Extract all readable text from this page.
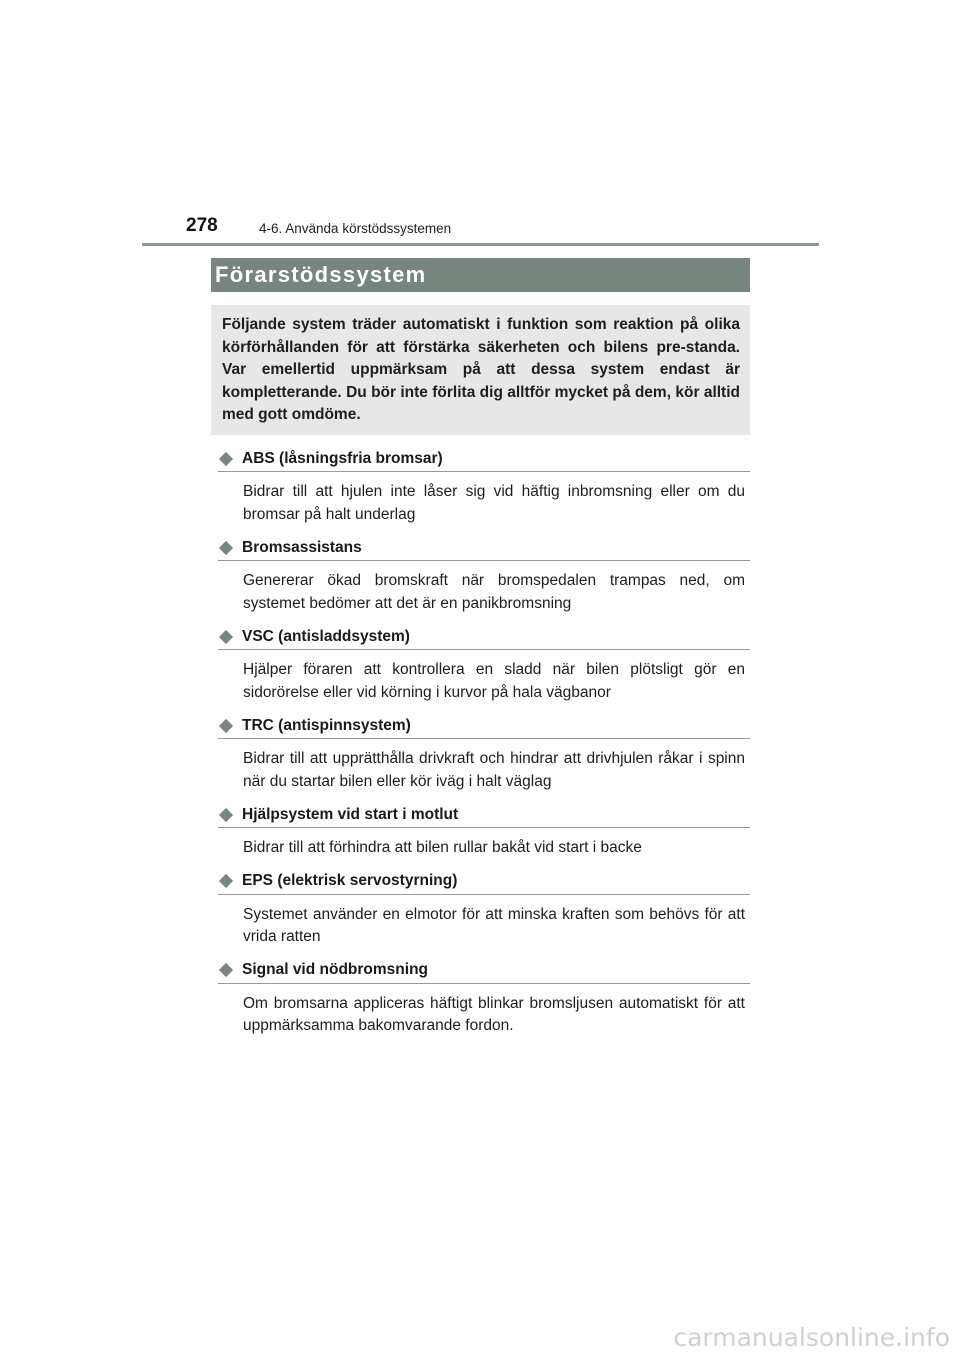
278	4-6. Använda körstödssystemen
Förarstödssystem

Följande system träder automatiskt i funktion som reaktion på olika körförhållanden för att förstärka säkerheten och bilens pre-standa. Var emellertid uppmärksam på att dessa system endast är kompletterande. Du bör inte förlita dig alltför mycket på dem, kör alltid med gott omdöme.

ABS (låsningsfria bromsar)

Bidrar till att hjulen inte låser sig vid häftig inbromsning eller om du bromsar på halt underlag

Bromsassistans

Genererar ökad bromskraft när bromspedalen trampas ned, om systemet bedömer att det är en panikbromsning

VSC (antisladdsystem)

Hjälper föraren att kontrollera en sladd när bilen plötsligt gör en sidorörelse eller vid körning i kurvor på hala vägbanor

TRC (antispinnsystem)

Bidrar till att upprätthålla drivkraft och hindrar att drivhjulen råkar i spinn när du startar bilen eller kör iväg i halt väglag

Hjälpsystem vid start i motlut

Bidrar till att förhindra att bilen rullar bakåt vid start i backe

EPS (elektrisk servostyrning)

Systemet använder en elmotor för att minska kraften som behövs för att vrida ratten

Signal vid nödbromsning

Om bromsarna appliceras häftigt blinkar bromsljusen automatiskt för att uppmärksamma bakomvarande fordon.

carmanualsonline.info
